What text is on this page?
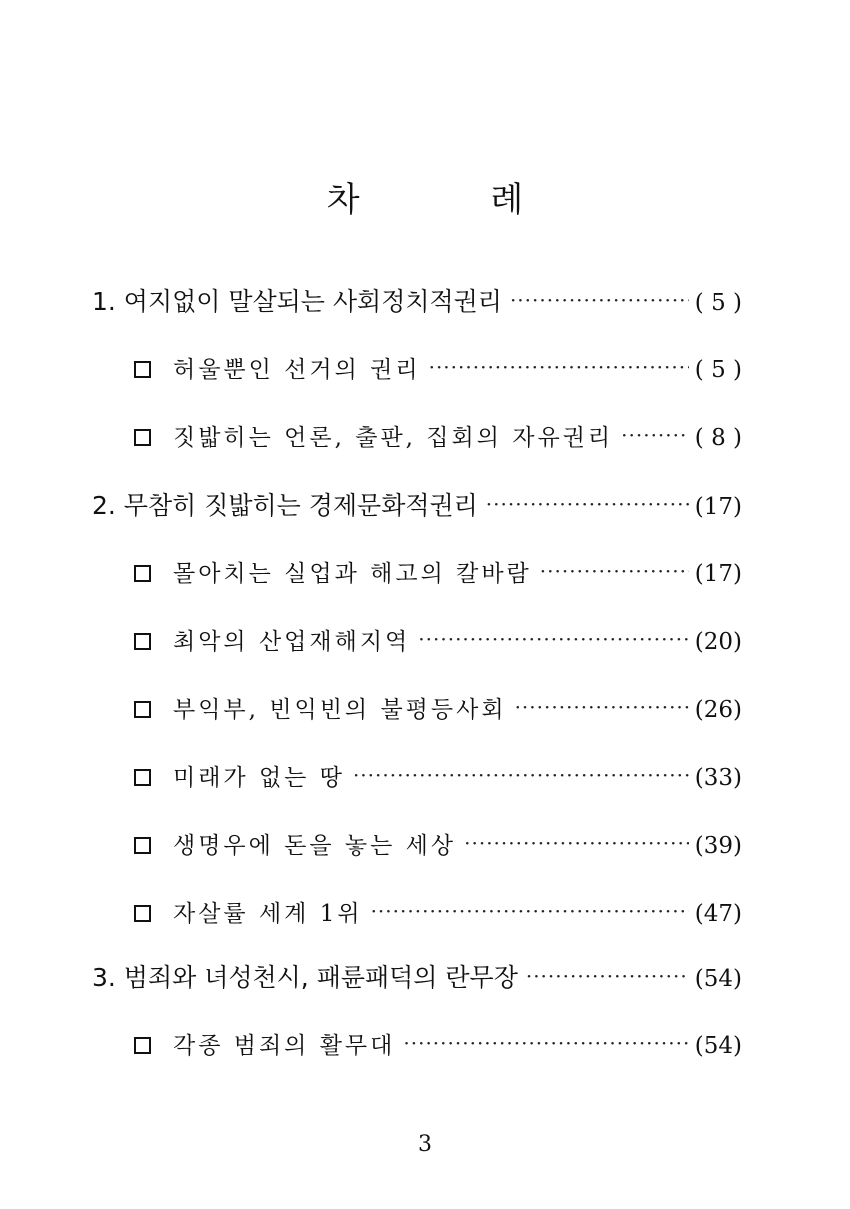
차 례
1. 여지없이 말살되는 사회정치적권리 ·····	( 5 )
허울뿐인 선거의 권리 ·····	( 5 )
짓밟히는 언론, 출판, 집회의 자유권리 ·····	( 8 )
2. 무참히 짓밟히는 경제문화적권리 ·····	(17)
몰아치는 실업과 해고의 칼바람 ·····	(17)
최악의 산업재해지역 ·····	(20)
부익부, 빈익빈의 불평등사회 ·····	(26)
미래가 없는 땅 ·····	(33)
생명우에 돈을 놓는 세상 ·····	(39)
자살률 세계 1위 ·····	(47)
3. 범죄와 녀성천시, 패륜패덕의 란무장 ·····	(54)
각종 범죄의 활무대 ·····	(54)
3
